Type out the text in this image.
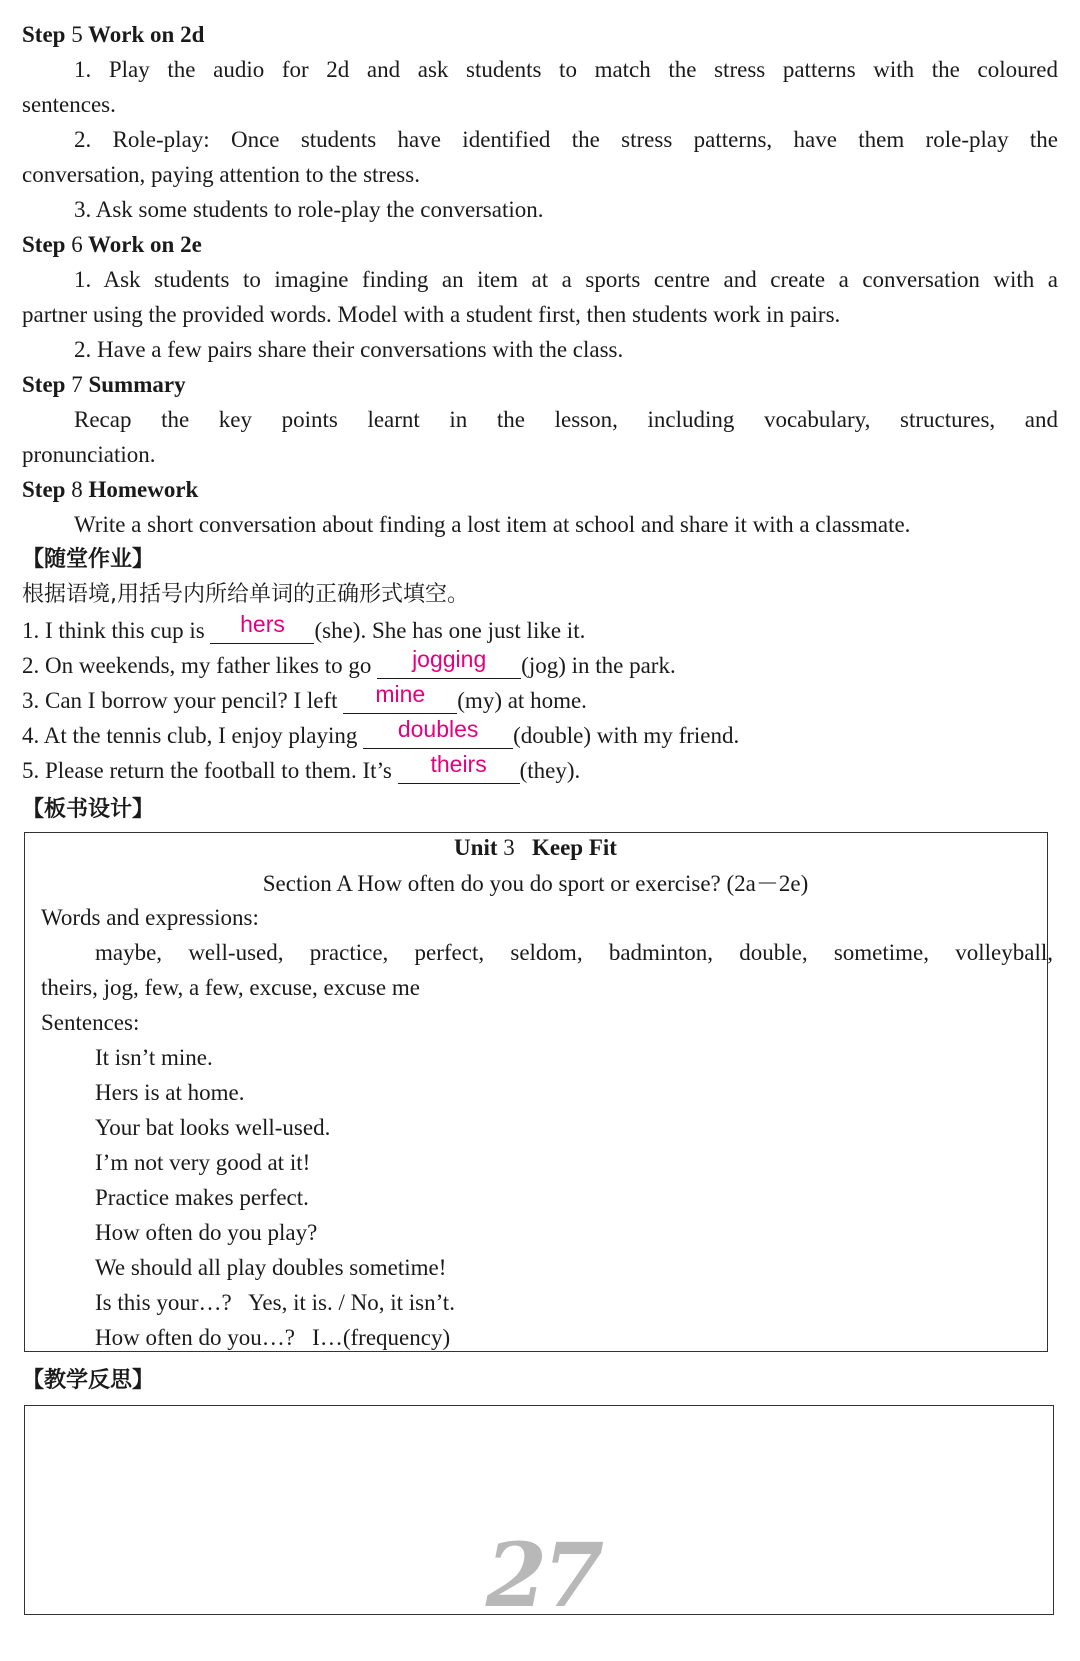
Step 5 Work on 2d
1. Play the audio for 2d and ask students to match the stress patterns with the coloured
sentences.
2. Role-play: Once students have identified the stress patterns, have them role-play the
conversation, paying attention to the stress.
3. Ask some students to role-play the conversation.
Step 6 Work on 2e
1. Ask students to imagine finding an item at a sports centre and create a conversation with a
partner using the provided words. Model with a student first, then students work in pairs.
2. Have a few pairs share their conversations with the class.
Step 7 Summary
Recap the key points learnt in the lesson, including vocabulary, structures, and
pronunciation.
Step 8 Homework
Write a short conversation about finding a lost item at school and share it with a classmate.
【随堂作业】
根据语境,用括号内所给单词的正确形式填空。
1. I think this cup is hers (she). She has one just like it.
2. On weekends, my father likes to go jogging (jog) in the park.
3. Can I borrow your pencil? I left mine (my) at home.
4. At the tennis club, I enjoy playing doubles (double) with my friend.
5. Please return the football to them. It’s theirs (they).
【板书设计】
Unit 3 Keep Fit
Section A How often do you do sport or exercise? (2a－2e)
Words and expressions:
maybe, well-used, practice, perfect, seldom, badminton, double, sometime, volleyball,
theirs, jog, few, a few, excuse, excuse me
Sentences:
It isn’t mine.
Hers is at home.
Your bat looks well-used.
I’m not very good at it!
Practice makes perfect.
How often do you play?
We should all play doubles sometime!
Is this your…?   Yes, it is. / No, it isn’t.
How often do you…?   I…(frequency)
【教学反思】
27
